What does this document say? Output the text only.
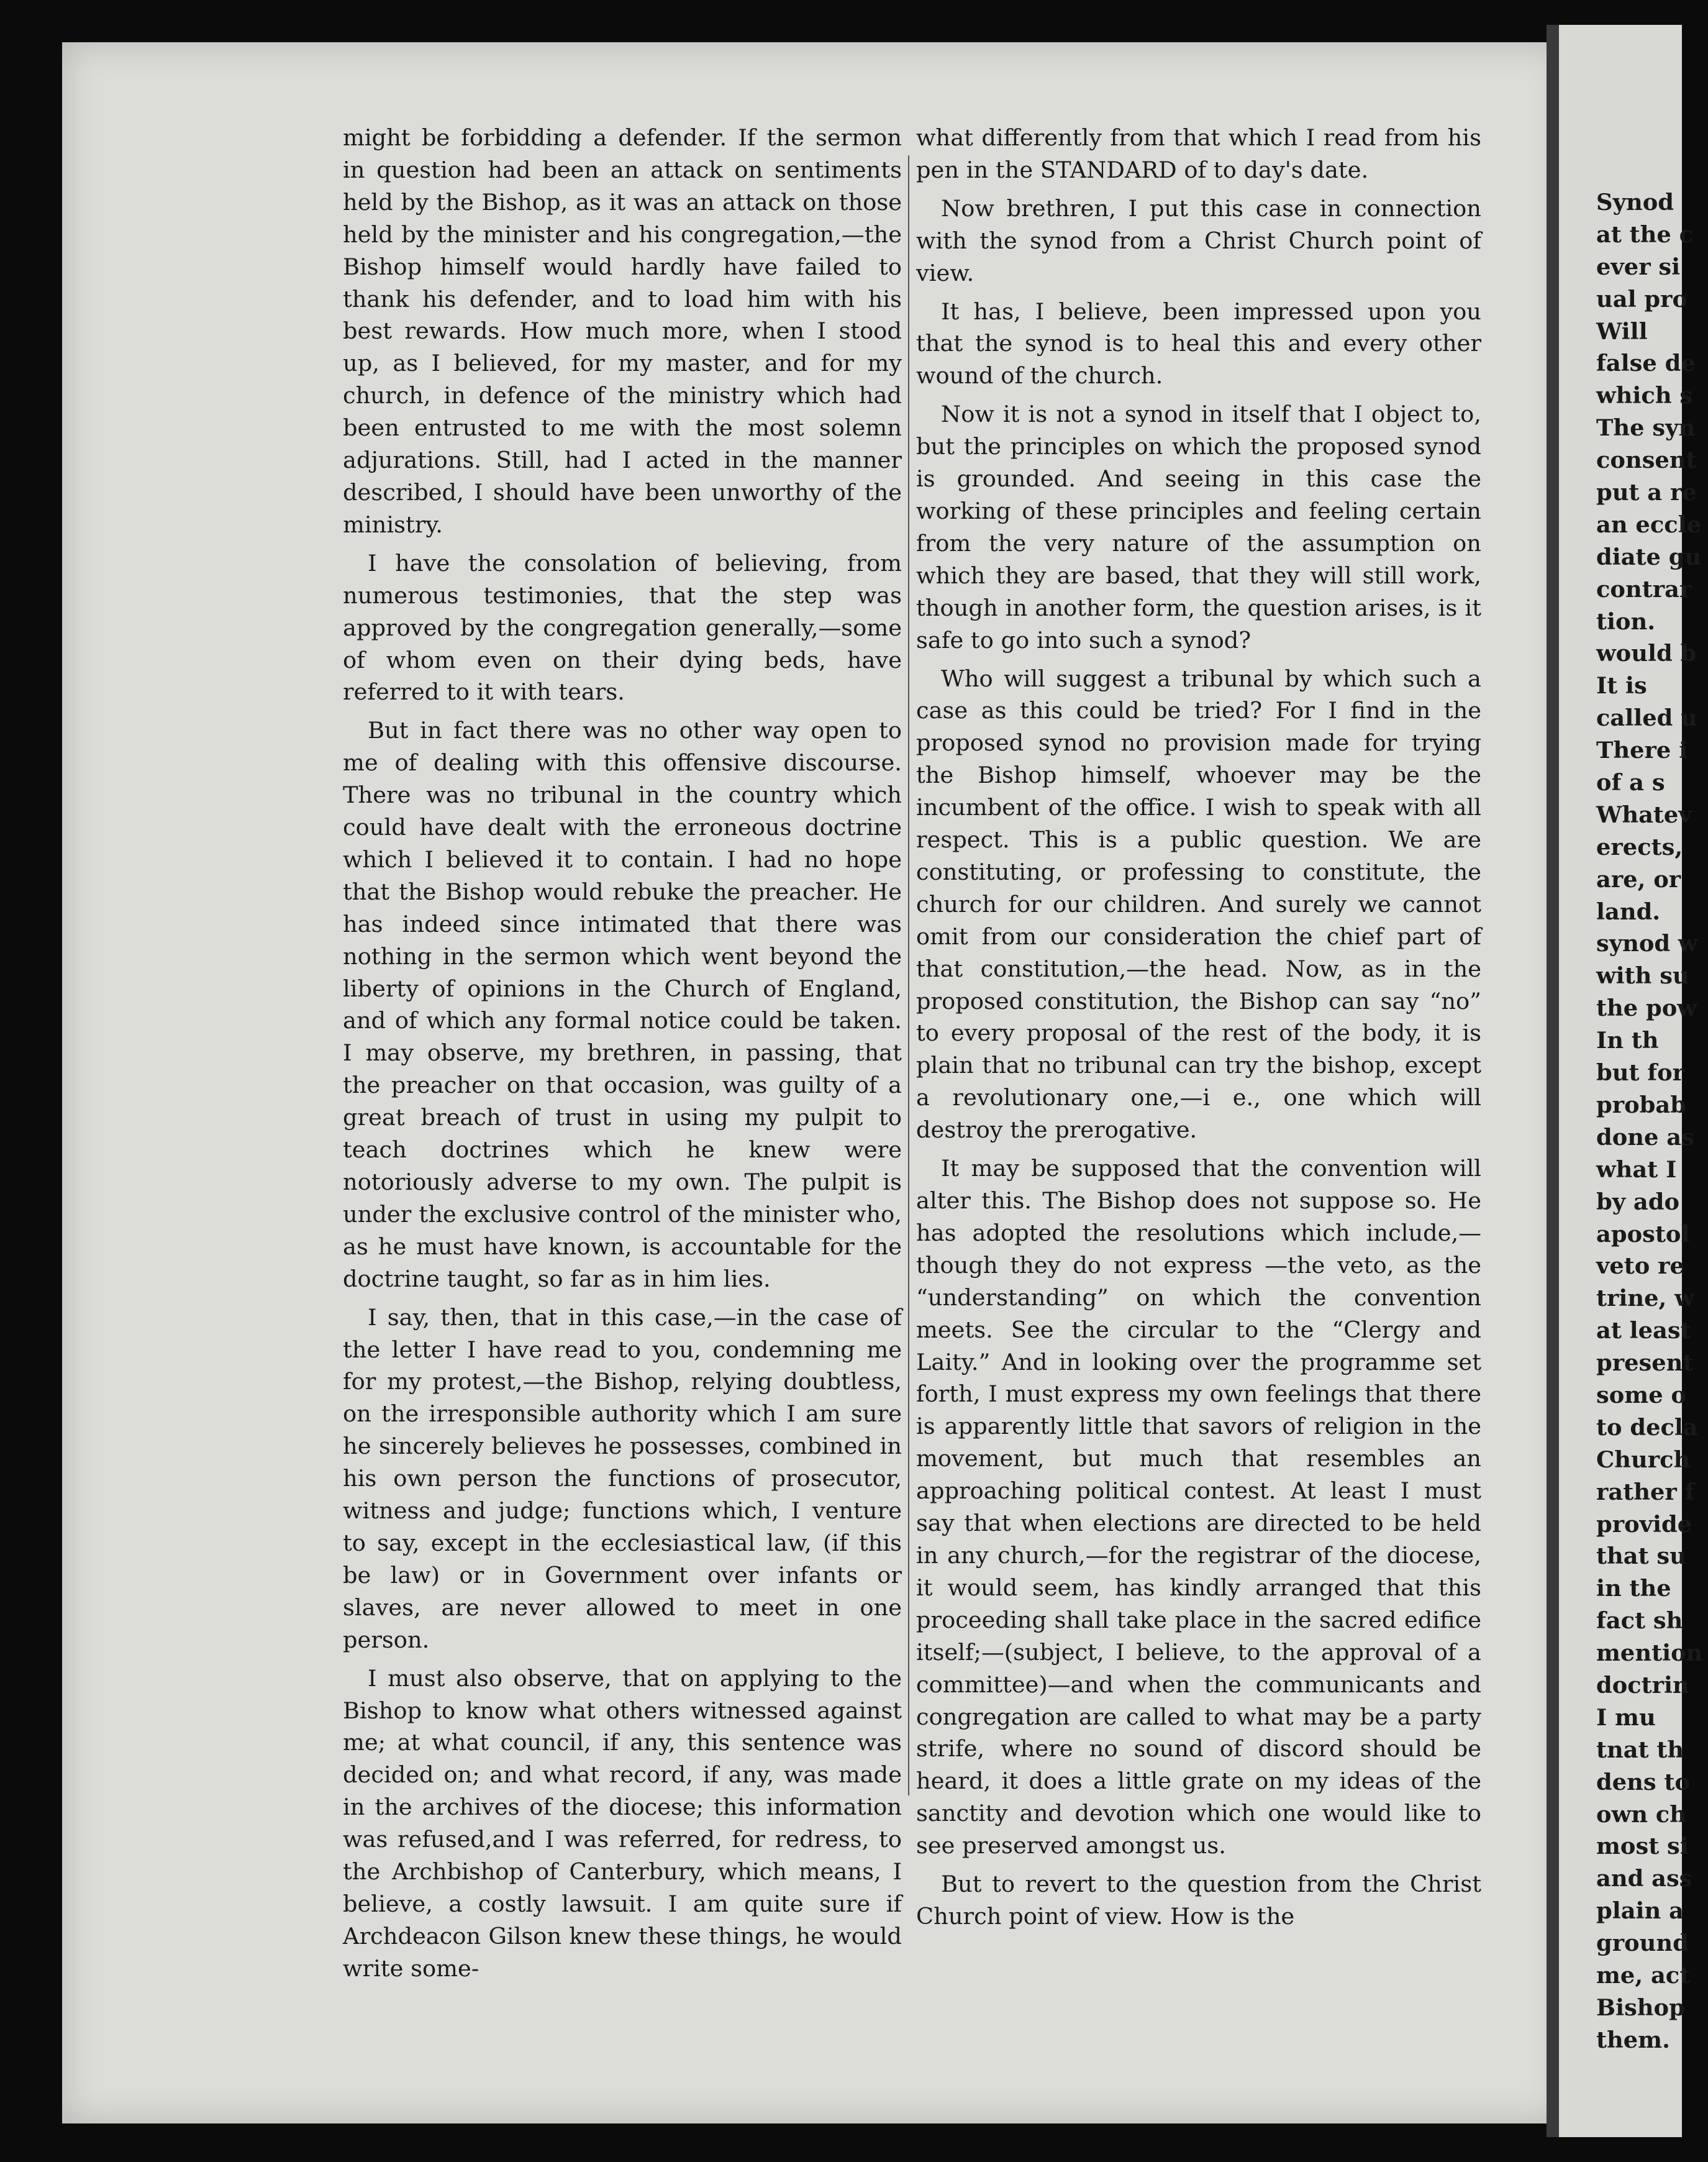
might be forbidding a defender. If the sermon in question had been an attack on sentiments held by the Bishop, as it was an attack on those held by the minister and his congregation,—the Bishop himself would hardly have failed to thank his defender, and to load him with his best rewards. How much more, when I stood up, as I believed, for my master, and for my church, in defence of the ministry which had been entrusted to me with the most solemn adjurations. Still, had I acted in the manner described, I should have been unworthy of the ministry.

I have the consolation of believing, from numerous testimonies, that the step was approved by the congregation generally,—some of whom even on their dying beds, have referred to it with tears.

But in fact there was no other way open to me of dealing with this offensive discourse. There was no tribunal in the country which could have dealt with the erroneous doctrine which I believed it to contain. I had no hope that the Bishop would rebuke the preacher. He has indeed since intimated that there was nothing in the sermon which went beyond the liberty of opinions in the Church of England, and of which any formal notice could be taken. I may observe, my brethren, in passing, that the preacher on that occasion, was guilty of a great breach of trust in using my pulpit to teach doctrines which he knew were notoriously adverse to my own. The pulpit is under the exclusive control of the minister who, as he must have known, is accountable for the doctrine taught, so far as in him lies.

I say, then, that in this case,—in the case of the letter I have read to you, condemning me for my protest,—the Bishop, relying doubtless, on the irresponsible authority which I am sure he sincerely believes he possesses, combined in his own person the functions of prosecutor, witness and judge; functions which, I venture to say, except in the ecclesiastical law, (if this be law) or in Government over infants or slaves, are never allowed to meet in one person.

I must also observe, that on applying to the Bishop to know what others witnessed against me; at what council, if any, this sentence was decided on; and what record, if any, was made in the archives of the diocese; this information was refused,and I was referred, for redress, to the Archbishop of Canterbury, which means, I believe, a costly lawsuit. I am quite sure if Archdeacon Gilson knew these things, he would write some-

what differently from that which I read from his pen in the STANDARD of to day's date.

Now brethren, I put this case in connection with the synod from a Christ Church point of view.

It has, I believe, been impressed upon you that the synod is to heal this and every other wound of the church.

Now it is not a synod in itself that I object to, but the principles on which the proposed synod is grounded. And seeing in this case the working of these principles and feeling certain from the very nature of the assumption on which they are based, that they will still work, though in another form, the question arises, is it safe to go into such a synod?

Who will suggest a tribunal by which such a case as this could be tried? For I find in the proposed synod no provision made for trying the Bishop himself, whoever may be the incumbent of the office. I wish to speak with all respect. This is a public question. We are constituting, or professing to constitute, the church for our children. And surely we cannot omit from our consideration the chief part of that constitution,—the head. Now, as in the proposed constitution, the Bishop can say “no” to every proposal of the rest of the body, it is plain that no tribunal can try the bishop, except a revolutionary one,—i e., one which will destroy the prerogative.

It may be supposed that the convention will alter this. The Bishop does not suppose so. He has adopted the resolutions which include,—though they do not express —the veto, as the “understanding” on which the convention meets. See the circular to the “Clergy and Laity.” And in looking over the programme set forth, I must express my own feelings that there is apparently little that savors of religion in the movement, but much that resembles an approaching political contest. At least I must say that when elections are directed to be held in any church,—for the registrar of the diocese, it would seem, has kindly arranged that this proceeding shall take place in the sacred edifice itself;—(subject, I believe, to the approval of a committee)—and when the communicants and congregation are called to what may be a party strife, where no sound of discord should be heard, it does a little grate on my ideas of the sanctity and devotion which one would like to see preserved amongst us.

But to revert to the question from the Christ Church point of view. How is the

Synod
at the c
ever si
ual pro
Will
false de
which s
The syn
consent
put a re
an eccle
diate gu
contrar
tion.
would b
It is
called u
There i
of a s
Whatev
erects,
are, or
land.
synod w
with su
the pow
In th
but for
probab
done as
what I
by ado
apostol
veto re
trine, w
at least
present
some o
to decla
Church
rather f
provide
that su
in the
fact sh
mention
doctrin
I mu
tnat th
dens to
own ch
most si
and ass
plain a
ground
me, act
Bishop
them.
